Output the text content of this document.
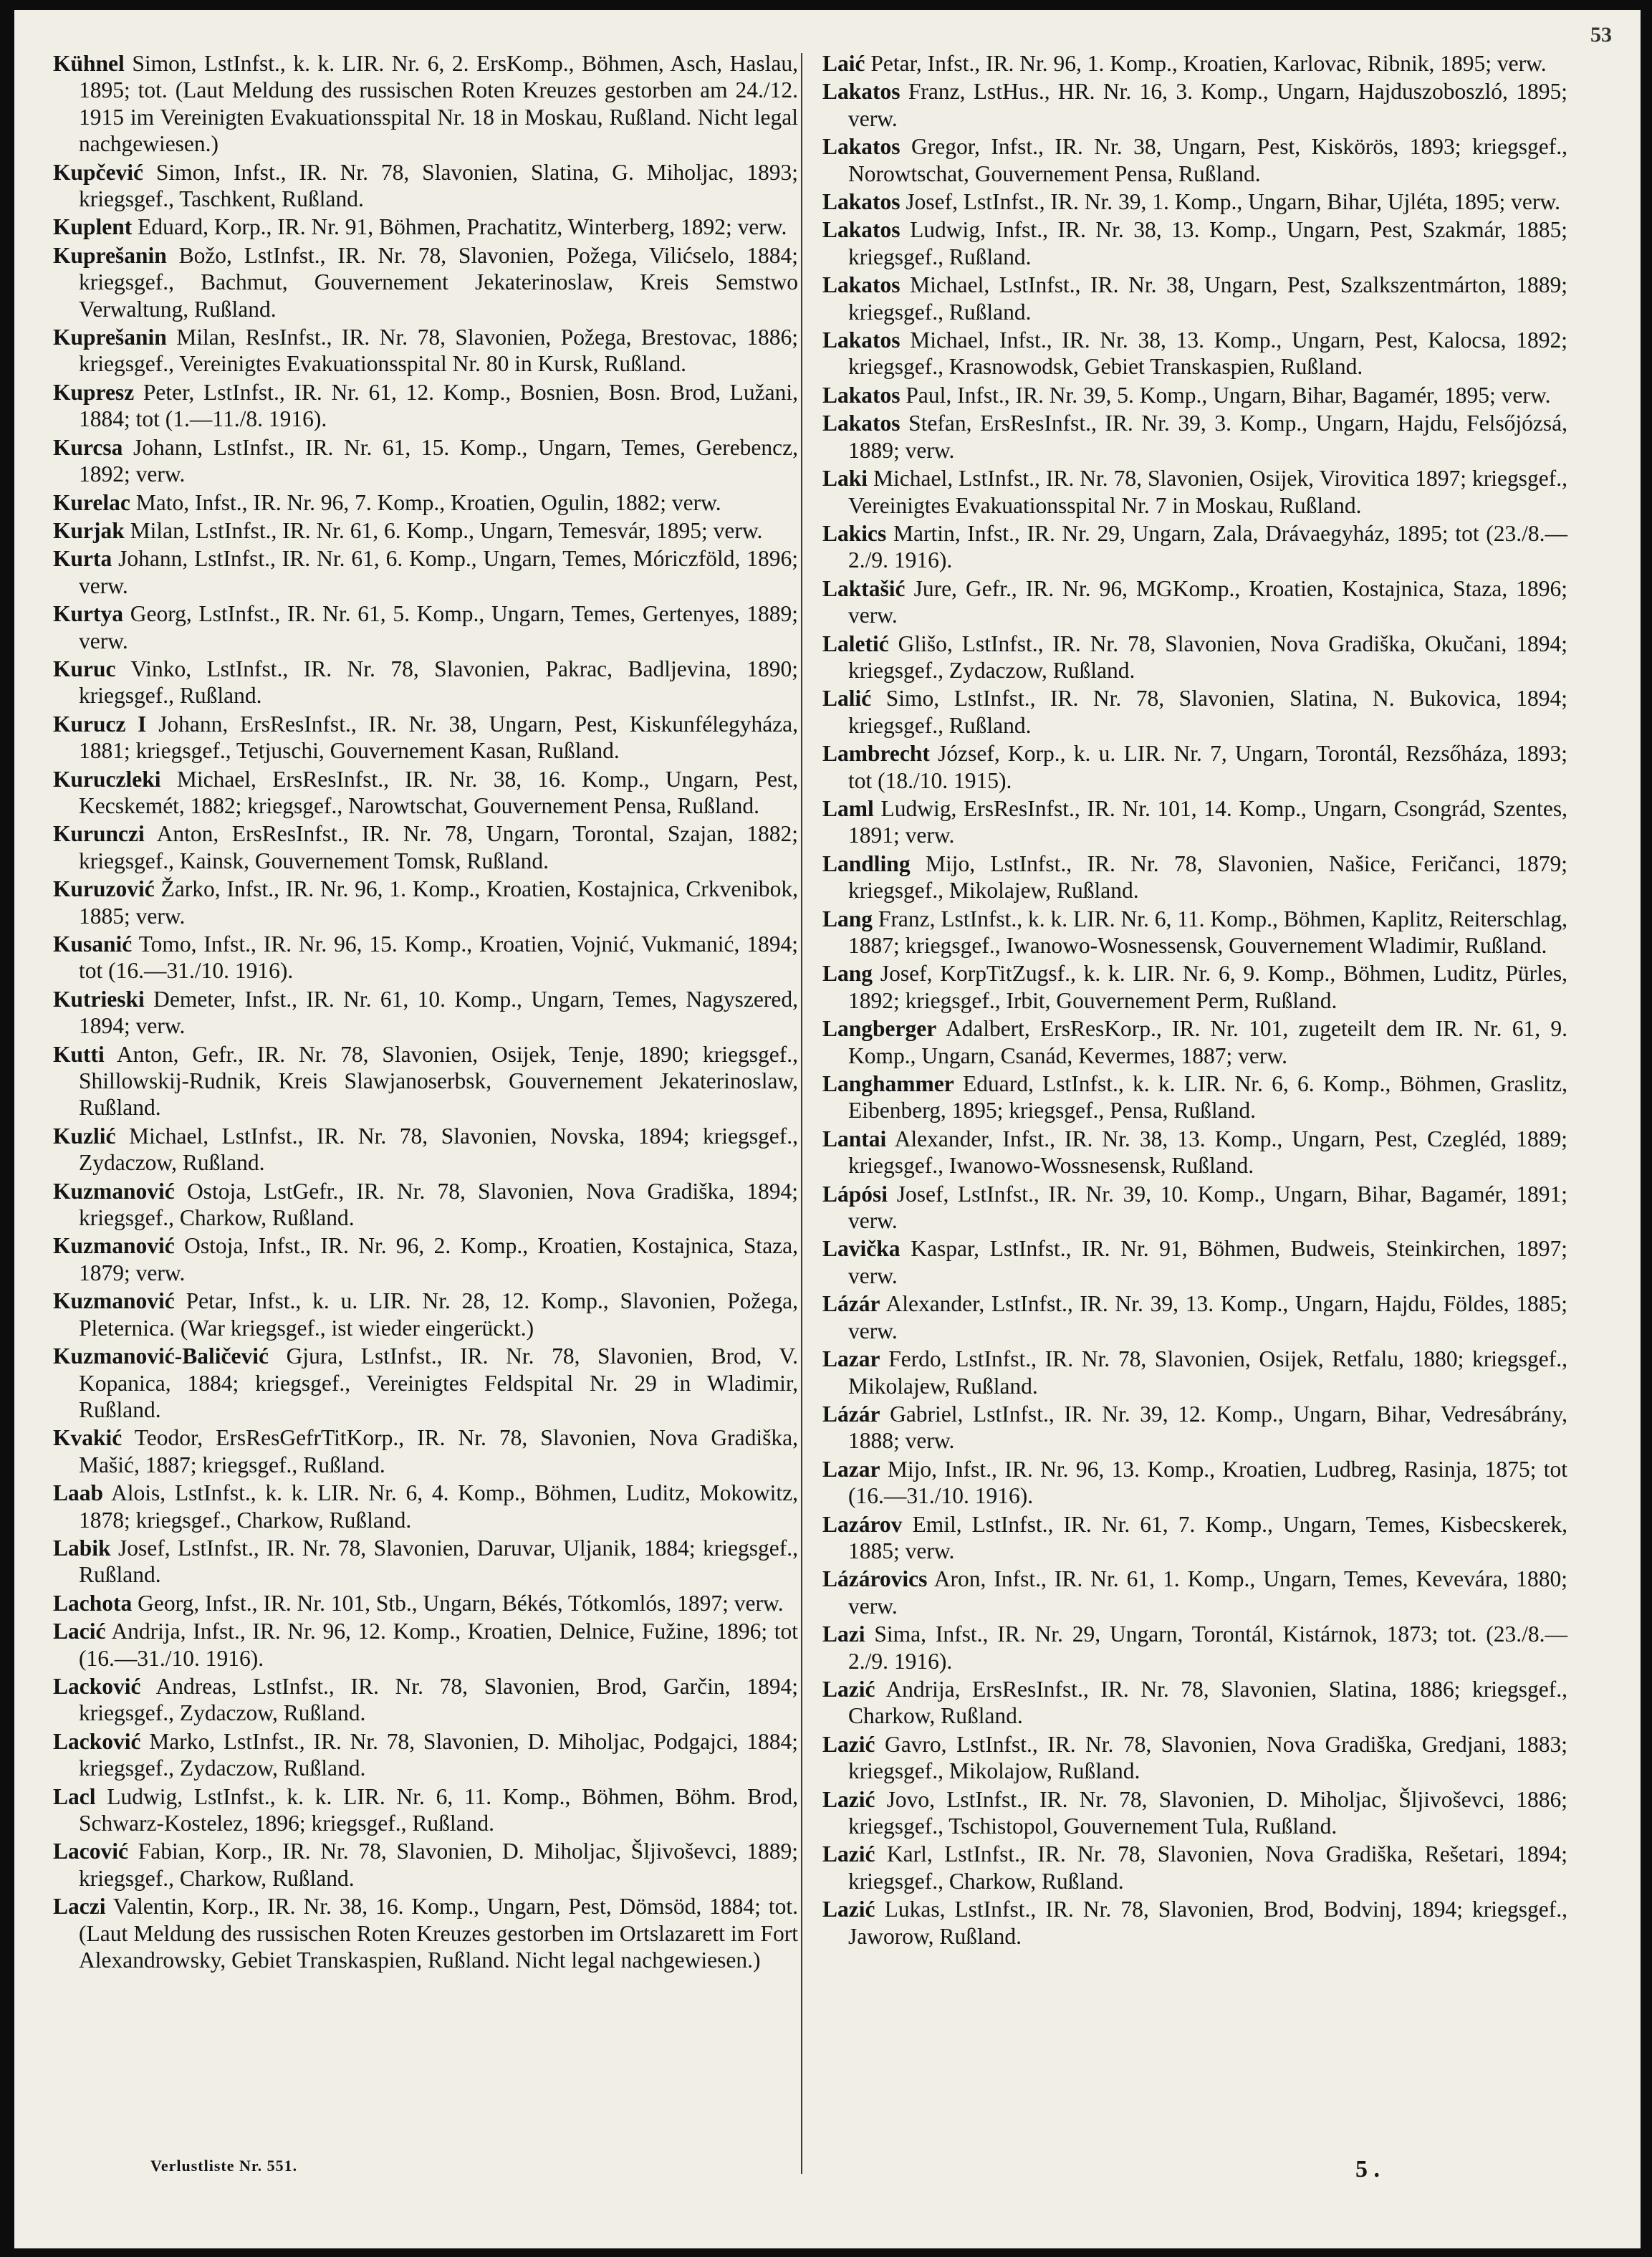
53

Kühnel Simon, LstInfst., k. k. LIR. Nr. 6, 2. ErsKomp., Böhmen, Asch, Haslau, 1895; tot. (Laut Meldung des russischen Roten Kreuzes gestorben am 24./12. 1915 im Vereinigten Evakuationsspital Nr. 18 in Moskau, Rußland. Nicht legal nachgewiesen.)

Kupčević Simon, Infst., IR. Nr. 78, Slavonien, Slatina, G. Miholjac, 1893; kriegsgef., Taschkent, Rußland.

Kuplent Eduard, Korp., IR. Nr. 91, Böhmen, Prachatitz, Winterberg, 1892; verw.

Kuprešanin Božo, LstInfst., IR. Nr. 78, Slavonien, Požega, Vilićselo, 1884; kriegsgef., Bachmut, Gouvernement Jekaterinoslaw, Kreis Semstwo Verwaltung, Rußland.

Kuprešanin Milan, ResInfst., IR. Nr. 78, Slavonien, Požega, Brestovac, 1886; kriegsgef., Vereinigtes Evakuationsspital Nr. 80 in Kursk, Rußland.

Kupresz Peter, LstInfst., IR. Nr. 61, 12. Komp., Bosnien, Bosn. Brod, Lužani, 1884; tot (1.—11./8. 1916).

Kurcsa Johann, LstInfst., IR. Nr. 61, 15. Komp., Ungarn, Temes, Gerebencz, 1892; verw.

Kurelac Mato, Infst., IR. Nr. 96, 7. Komp., Kroatien, Ogulin, 1882; verw.

Kurjak Milan, LstInfst., IR. Nr. 61, 6. Komp., Ungarn, Temesvár, 1895; verw.

Kurta Johann, LstInfst., IR. Nr. 61, 6. Komp., Ungarn, Temes, Móriczföld, 1896; verw.

Kurtya Georg, LstInfst., IR. Nr. 61, 5. Komp., Ungarn, Temes, Gertenyes, 1889; verw.

Kuruc Vinko, LstInfst., IR. Nr. 78, Slavonien, Pakrac, Badljevina, 1890; kriegsgef., Rußland.

Kurucz I Johann, ErsResInfst., IR. Nr. 38, Ungarn, Pest, Kiskunfélegyháza, 1881; kriegsgef., Tetjuschi, Gouvernement Kasan, Rußland.

Kuruczleki Michael, ErsResInfst., IR. Nr. 38, 16. Komp., Ungarn, Pest, Kecskemét, 1882; kriegsgef., Narowtschat, Gouvernement Pensa, Rußland.

Kurunczi Anton, ErsResInfst., IR. Nr. 78, Ungarn, Torontal, Szajan, 1882; kriegsgef., Kainsk, Gouvernement Tomsk, Rußland.

Kuruzović Žarko, Infst., IR. Nr. 96, 1. Komp., Kroatien, Kostajnica, Crkvenibok, 1885; verw.

Kusanić Tomo, Infst., IR. Nr. 96, 15. Komp., Kroatien, Vojnić, Vukmanić, 1894; tot (16.—31./10. 1916).

Kutrieski Demeter, Infst., IR. Nr. 61, 10. Komp., Ungarn, Temes, Nagyszered, 1894; verw.

Kutti Anton, Gefr., IR. Nr. 78, Slavonien, Osijek, Tenje, 1890; kriegsgef., Shillowskij-Rudnik, Kreis Slawjanoserbsk, Gouvernement Jekaterinoslaw, Rußland.

Kuzlić Michael, LstInfst., IR. Nr. 78, Slavonien, Novska, 1894; kriegsgef., Zydaczow, Rußland.

Kuzmanović Ostoja, LstGefr., IR. Nr. 78, Slavonien, Nova Gradiška, 1894; kriegsgef., Charkow, Rußland.

Kuzmanović Ostoja, Infst., IR. Nr. 96, 2. Komp., Kroatien, Kostajnica, Staza, 1879; verw.

Kuzmanović Petar, Infst., k. u. LIR. Nr. 28, 12. Komp., Slavonien, Požega, Pleternica. (War kriegsgef., ist wieder eingerückt.)

Kuzmanović-Baličević Gjura, LstInfst., IR. Nr. 78, Slavonien, Brod, V. Kopanica, 1884; kriegsgef., Vereinigtes Feldspital Nr. 29 in Wladimir, Rußland.

Kvakić Teodor, ErsResGefrTitKorp., IR. Nr. 78, Slavonien, Nova Gradiška, Mašić, 1887; kriegsgef., Rußland.

Laab Alois, LstInfst., k. k. LIR. Nr. 6, 4. Komp., Böhmen, Luditz, Mokowitz, 1878; kriegsgef., Charkow, Rußland.

Labik Josef, LstInfst., IR. Nr. 78, Slavonien, Daruvar, Uljanik, 1884; kriegsgef., Rußland.

Lachota Georg, Infst., IR. Nr. 101, Stb., Ungarn, Békés, Tótkomlós, 1897; verw.

Lacić Andrija, Infst., IR. Nr. 96, 12. Komp., Kroatien, Delnice, Fužine, 1896; tot (16.—31./10. 1916).

Lacković Andreas, LstInfst., IR. Nr. 78, Slavonien, Brod, Garčin, 1894; kriegsgef., Zydaczow, Rußland.

Lacković Marko, LstInfst., IR. Nr. 78, Slavonien, D. Miholjac, Podgajci, 1884; kriegsgef., Zydaczow, Rußland.

Lacl Ludwig, LstInfst., k. k. LIR. Nr. 6, 11. Komp., Böhmen, Böhm. Brod, Schwarz-Kostelez, 1896; kriegsgef., Rußland.

Lacović Fabian, Korp., IR. Nr. 78, Slavonien, D. Miholjac, Šljivoševci, 1889; kriegsgef., Charkow, Rußland.

Laczi Valentin, Korp., IR. Nr. 38, 16. Komp., Ungarn, Pest, Dömsöd, 1884; tot. (Laut Meldung des russischen Roten Kreuzes gestorben im Ortslazarett im Fort Alexandrowsky, Gebiet Transkaspien, Rußland. Nicht legal nachgewiesen.)

Laić Petar, Infst., IR. Nr. 96, 1. Komp., Kroatien, Karlovac, Ribnik, 1895; verw.

Lakatos Franz, LstHus., HR. Nr. 16, 3. Komp., Ungarn, Hajduszoboszló, 1895; verw.

Lakatos Gregor, Infst., IR. Nr. 38, Ungarn, Pest, Kiskörös, 1893; kriegsgef., Norowtschat, Gouvernement Pensa, Rußland.

Lakatos Josef, LstInfst., IR. Nr. 39, 1. Komp., Ungarn, Bihar, Ujléta, 1895; verw.

Lakatos Ludwig, Infst., IR. Nr. 38, 13. Komp., Ungarn, Pest, Szakmár, 1885; kriegsgef., Rußland.

Lakatos Michael, LstInfst., IR. Nr. 38, Ungarn, Pest, Szalkszentmárton, 1889; kriegsgef., Rußland.

Lakatos Michael, Infst., IR. Nr. 38, 13. Komp., Ungarn, Pest, Kalocsa, 1892; kriegsgef., Krasnowodsk, Gebiet Transkaspien, Rußland.

Lakatos Paul, Infst., IR. Nr. 39, 5. Komp., Ungarn, Bihar, Bagamér, 1895; verw.

Lakatos Stefan, ErsResInfst., IR. Nr. 39, 3. Komp., Ungarn, Hajdu, Felsőjózsá, 1889; verw.

Laki Michael, LstInfst., IR. Nr. 78, Slavonien, Osijek, Virovitica 1897; kriegsgef., Vereinigtes Evakuationsspital Nr. 7 in Moskau, Rußland.

Lakics Martin, Infst., IR. Nr. 29, Ungarn, Zala, Drávaegyház, 1895; tot (23./8.—2./9. 1916).

Laktašić Jure, Gefr., IR. Nr. 96, MGKomp., Kroatien, Kostajnica, Staza, 1896; verw.

Laletić Glišo, LstInfst., IR. Nr. 78, Slavonien, Nova Gradiška, Okučani, 1894; kriegsgef., Zydaczow, Rußland.

Lalić Simo, LstInfst., IR. Nr. 78, Slavonien, Slatina, N. Bukovica, 1894; kriegsgef., Rußland.

Lambrecht József, Korp., k. u. LIR. Nr. 7, Ungarn, Torontál, Rezsőháza, 1893; tot (18./10. 1915).

Laml Ludwig, ErsResInfst., IR. Nr. 101, 14. Komp., Ungarn, Csongrád, Szentes, 1891; verw.

Landling Mijo, LstInfst., IR. Nr. 78, Slavonien, Našice, Feričanci, 1879; kriegsgef., Mikolajew, Rußland.

Lang Franz, LstInfst., k. k. LIR. Nr. 6, 11. Komp., Böhmen, Kaplitz, Reiterschlag, 1887; kriegsgef., Iwanowo-Wosnessensk, Gouvernement Wladimir, Rußland.

Lang Josef, KorpTitZugsf., k. k. LIR. Nr. 6, 9. Komp., Böhmen, Luditz, Pürles, 1892; kriegsgef., Irbit, Gouvernement Perm, Rußland.

Langberger Adalbert, ErsResKorp., IR. Nr. 101, zugeteilt dem IR. Nr. 61, 9. Komp., Ungarn, Csanád, Kevermes, 1887; verw.

Langhammer Eduard, LstInfst., k. k. LIR. Nr. 6, 6. Komp., Böhmen, Graslitz, Eibenberg, 1895; kriegsgef., Pensa, Rußland.

Lantai Alexander, Infst., IR. Nr. 38, 13. Komp., Ungarn, Pest, Czegléd, 1889; kriegsgef., Iwanowo-Wossnesensk, Rußland.

Lápósi Josef, LstInfst., IR. Nr. 39, 10. Komp., Ungarn, Bihar, Bagamér, 1891; verw.

Lavička Kaspar, LstInfst., IR. Nr. 91, Böhmen, Budweis, Steinkirchen, 1897; verw.

Lázár Alexander, LstInfst., IR. Nr. 39, 13. Komp., Ungarn, Hajdu, Földes, 1885; verw.

Lazar Ferdo, LstInfst., IR. Nr. 78, Slavonien, Osijek, Retfalu, 1880; kriegsgef., Mikolajew, Rußland.

Lázár Gabriel, LstInfst., IR. Nr. 39, 12. Komp., Ungarn, Bihar, Vedresábrány, 1888; verw.

Lazar Mijo, Infst., IR. Nr. 96, 13. Komp., Kroatien, Ludbreg, Rasinja, 1875; tot (16.—31./10. 1916).

Lazárov Emil, LstInfst., IR. Nr. 61, 7. Komp., Ungarn, Temes, Kisbecskerek, 1885; verw.

Lázárovics Aron, Infst., IR. Nr. 61, 1. Komp., Ungarn, Temes, Kevevára, 1880; verw.

Lazi Sima, Infst., IR. Nr. 29, Ungarn, Torontál, Kistárnok, 1873; tot. (23./8.—2./9. 1916).

Lazić Andrija, ErsResInfst., IR. Nr. 78, Slavonien, Slatina, 1886; kriegsgef., Charkow, Rußland.

Lazić Gavro, LstInfst., IR. Nr. 78, Slavonien, Nova Gradiška, Gredjani, 1883; kriegsgef., Mikolajow, Rußland.

Lazić Jovo, LstInfst., IR. Nr. 78, Slavonien, D. Miholjac, Šljivoševci, 1886; kriegsgef., Tschistopol, Gouvernement Tula, Rußland.

Lazić Karl, LstInfst., IR. Nr. 78, Slavonien, Nova Gradiška, Rešetari, 1894; kriegsgef., Charkow, Rußland.

Lazić Lukas, LstInfst., IR. Nr. 78, Slavonien, Brod, Bodvinj, 1894; kriegsgef., Jaworow, Rußland.

Verlustliste Nr. 551.	5 .
